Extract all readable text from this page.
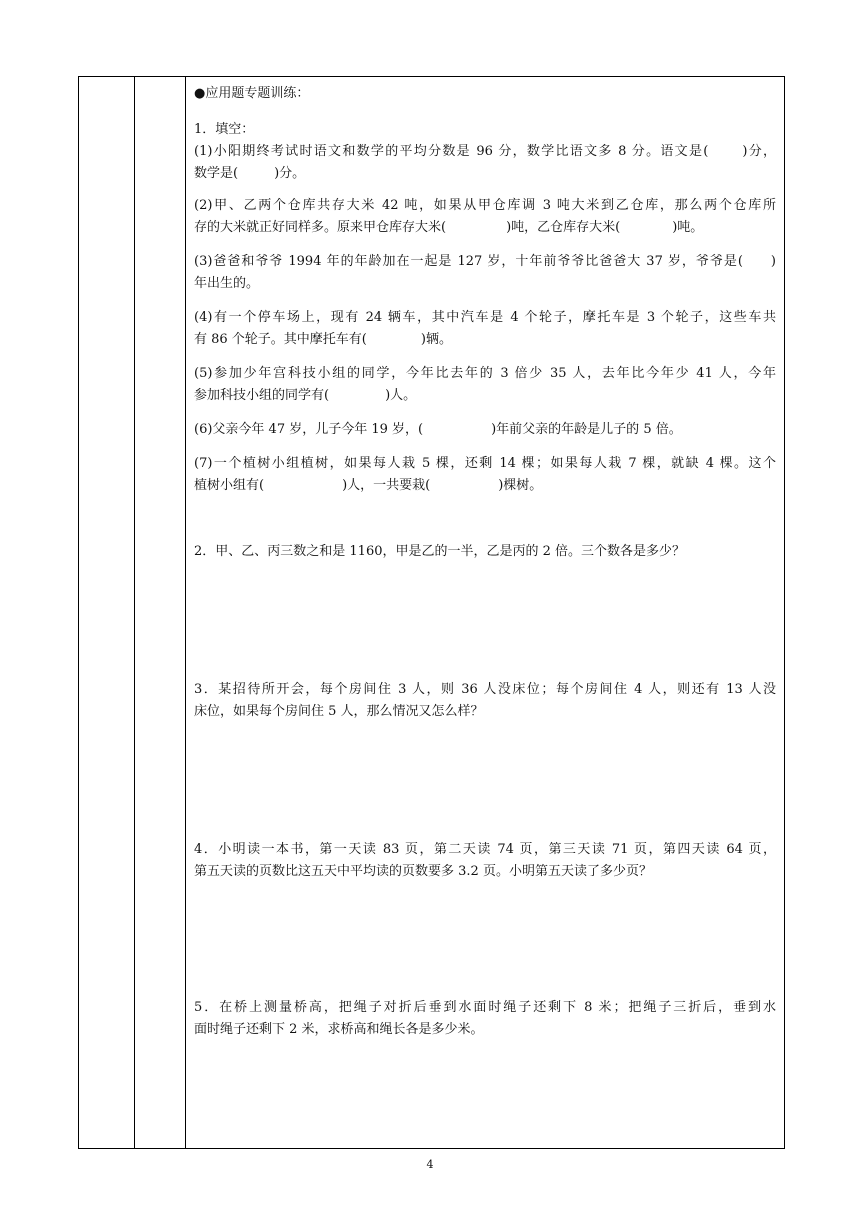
●应用题专题训练：
1．填空：

(1)小阳期终考试时语文和数学的平均分数是 96 分，数学比语文多 8 分。语文是(	)分，

数学是(	)分。

(2)甲、乙两个仓库共存大米 42 吨，如果从甲仓库调 3 吨大米到乙仓库，那么两个仓库所

存的大米就正好同样多。原来甲仓库存大米(	)吨，乙仓库存大米(	)吨。

(3)爸爸和爷爷 1994 年的年龄加在一起是 127 岁，十年前爷爷比爸爸大 37 岁，爷爷是( )

年出生的。

(4)有一个停车场上，现有 24 辆车，其中汽车是 4 个轮子，摩托车是 3 个轮子，这些车共

有 86 个轮子。其中摩托车有(	)辆。

(5)参加少年宫科技小组的同学，今年比去年的 3 倍少 35 人，去年比今年少 41 人，今年

参加科技小组的同学有(	)人。

(6)父亲今年 47 岁，儿子今年 19 岁，(	)年前父亲的年龄是儿子的 5 倍。

(7)一个植树小组植树，如果每人栽 5 棵，还剩 14 棵；如果每人栽 7 棵，就缺 4 棵。这个

植树小组有(	)人，一共要栽(	)棵树。

2．甲、乙、丙三数之和是 1160，甲是乙的一半，乙是丙的 2 倍。三个数各是多少？

3．某招待所开会，每个房间住 3 人，则 36 人没床位；每个房间住 4 人，则还有 13 人没

床位，如果每个房间住 5 人，那么情况又怎么样？

4．小明读一本书，第一天读 83 页，第二天读 74 页，第三天读 71 页，第四天读 64 页，

第五天读的页数比这五天中平均读的页数要多 3.2 页。小明第五天读了多少页？

5．在桥上测量桥高，把绳子对折后垂到水面时绳子还剩下 8 米；把绳子三折后，垂到水

面时绳子还剩下 2 米，求桥高和绳长各是多少米。

4
